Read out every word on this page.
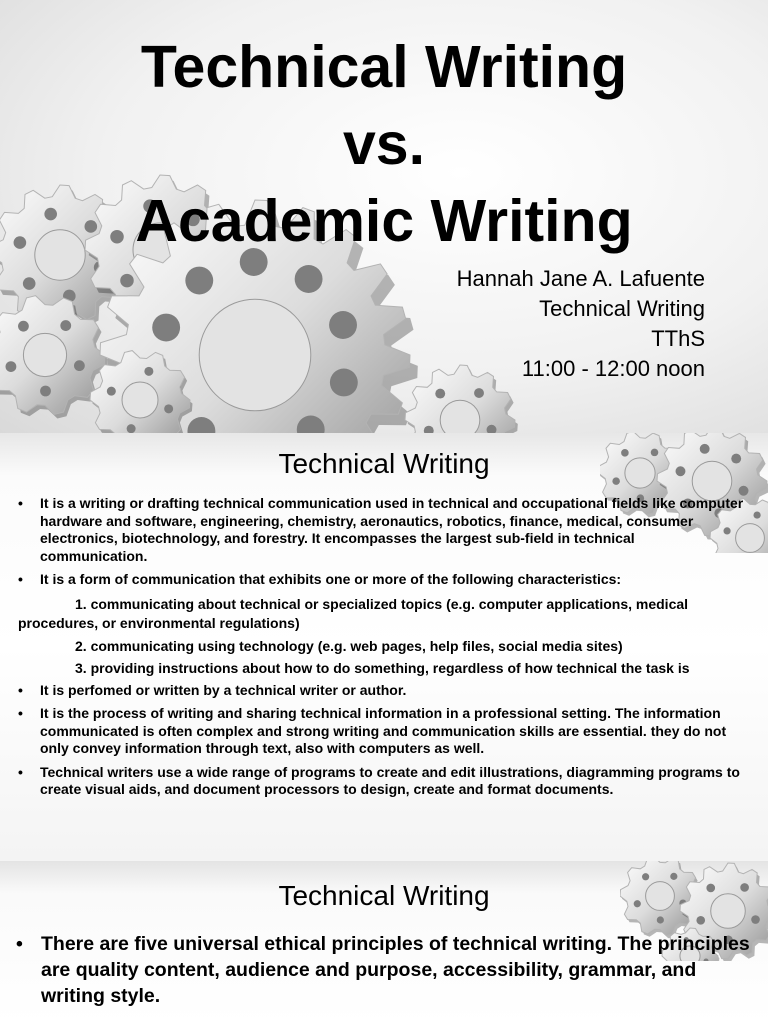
Technical Writing
vs.
Academic Writing
Hannah Jane A. Lafuente
Technical Writing
TThS
11:00 - 12:00 noon
Technical Writing
• It is a writing or drafting technical communication used in technical and occupational fields like computer hardware and software, engineering, chemistry, aeronautics, robotics, finance, medical, consumer electronics, biotechnology, and forestry. It encompasses the largest sub-field in technical communication.
• It is a form of communication that exhibits one or more of the following characteristics:
1. communicating about technical or specialized topics (e.g. computer applications, medical procedures, or environmental regulations)
2. communicating using technology (e.g. web pages, help files, social media sites)
3. providing instructions about how to do something, regardless of how technical the task is
• It is perfomed or written by a technical writer or author.
• It is the process of writing and sharing technical information in a professional setting. The information communicated is often complex and strong writing and communication skills are essential. they do not only convey information through text, also with computers as well.
• Technical writers use a wide range of programs to create and edit illustrations, diagramming programs to create visual aids, and document processors to design, create and format documents.
Technical Writing
• There are five universal ethical principles of technical writing. The principles are quality content, audience and purpose, accessibility, grammar, and writing style.
